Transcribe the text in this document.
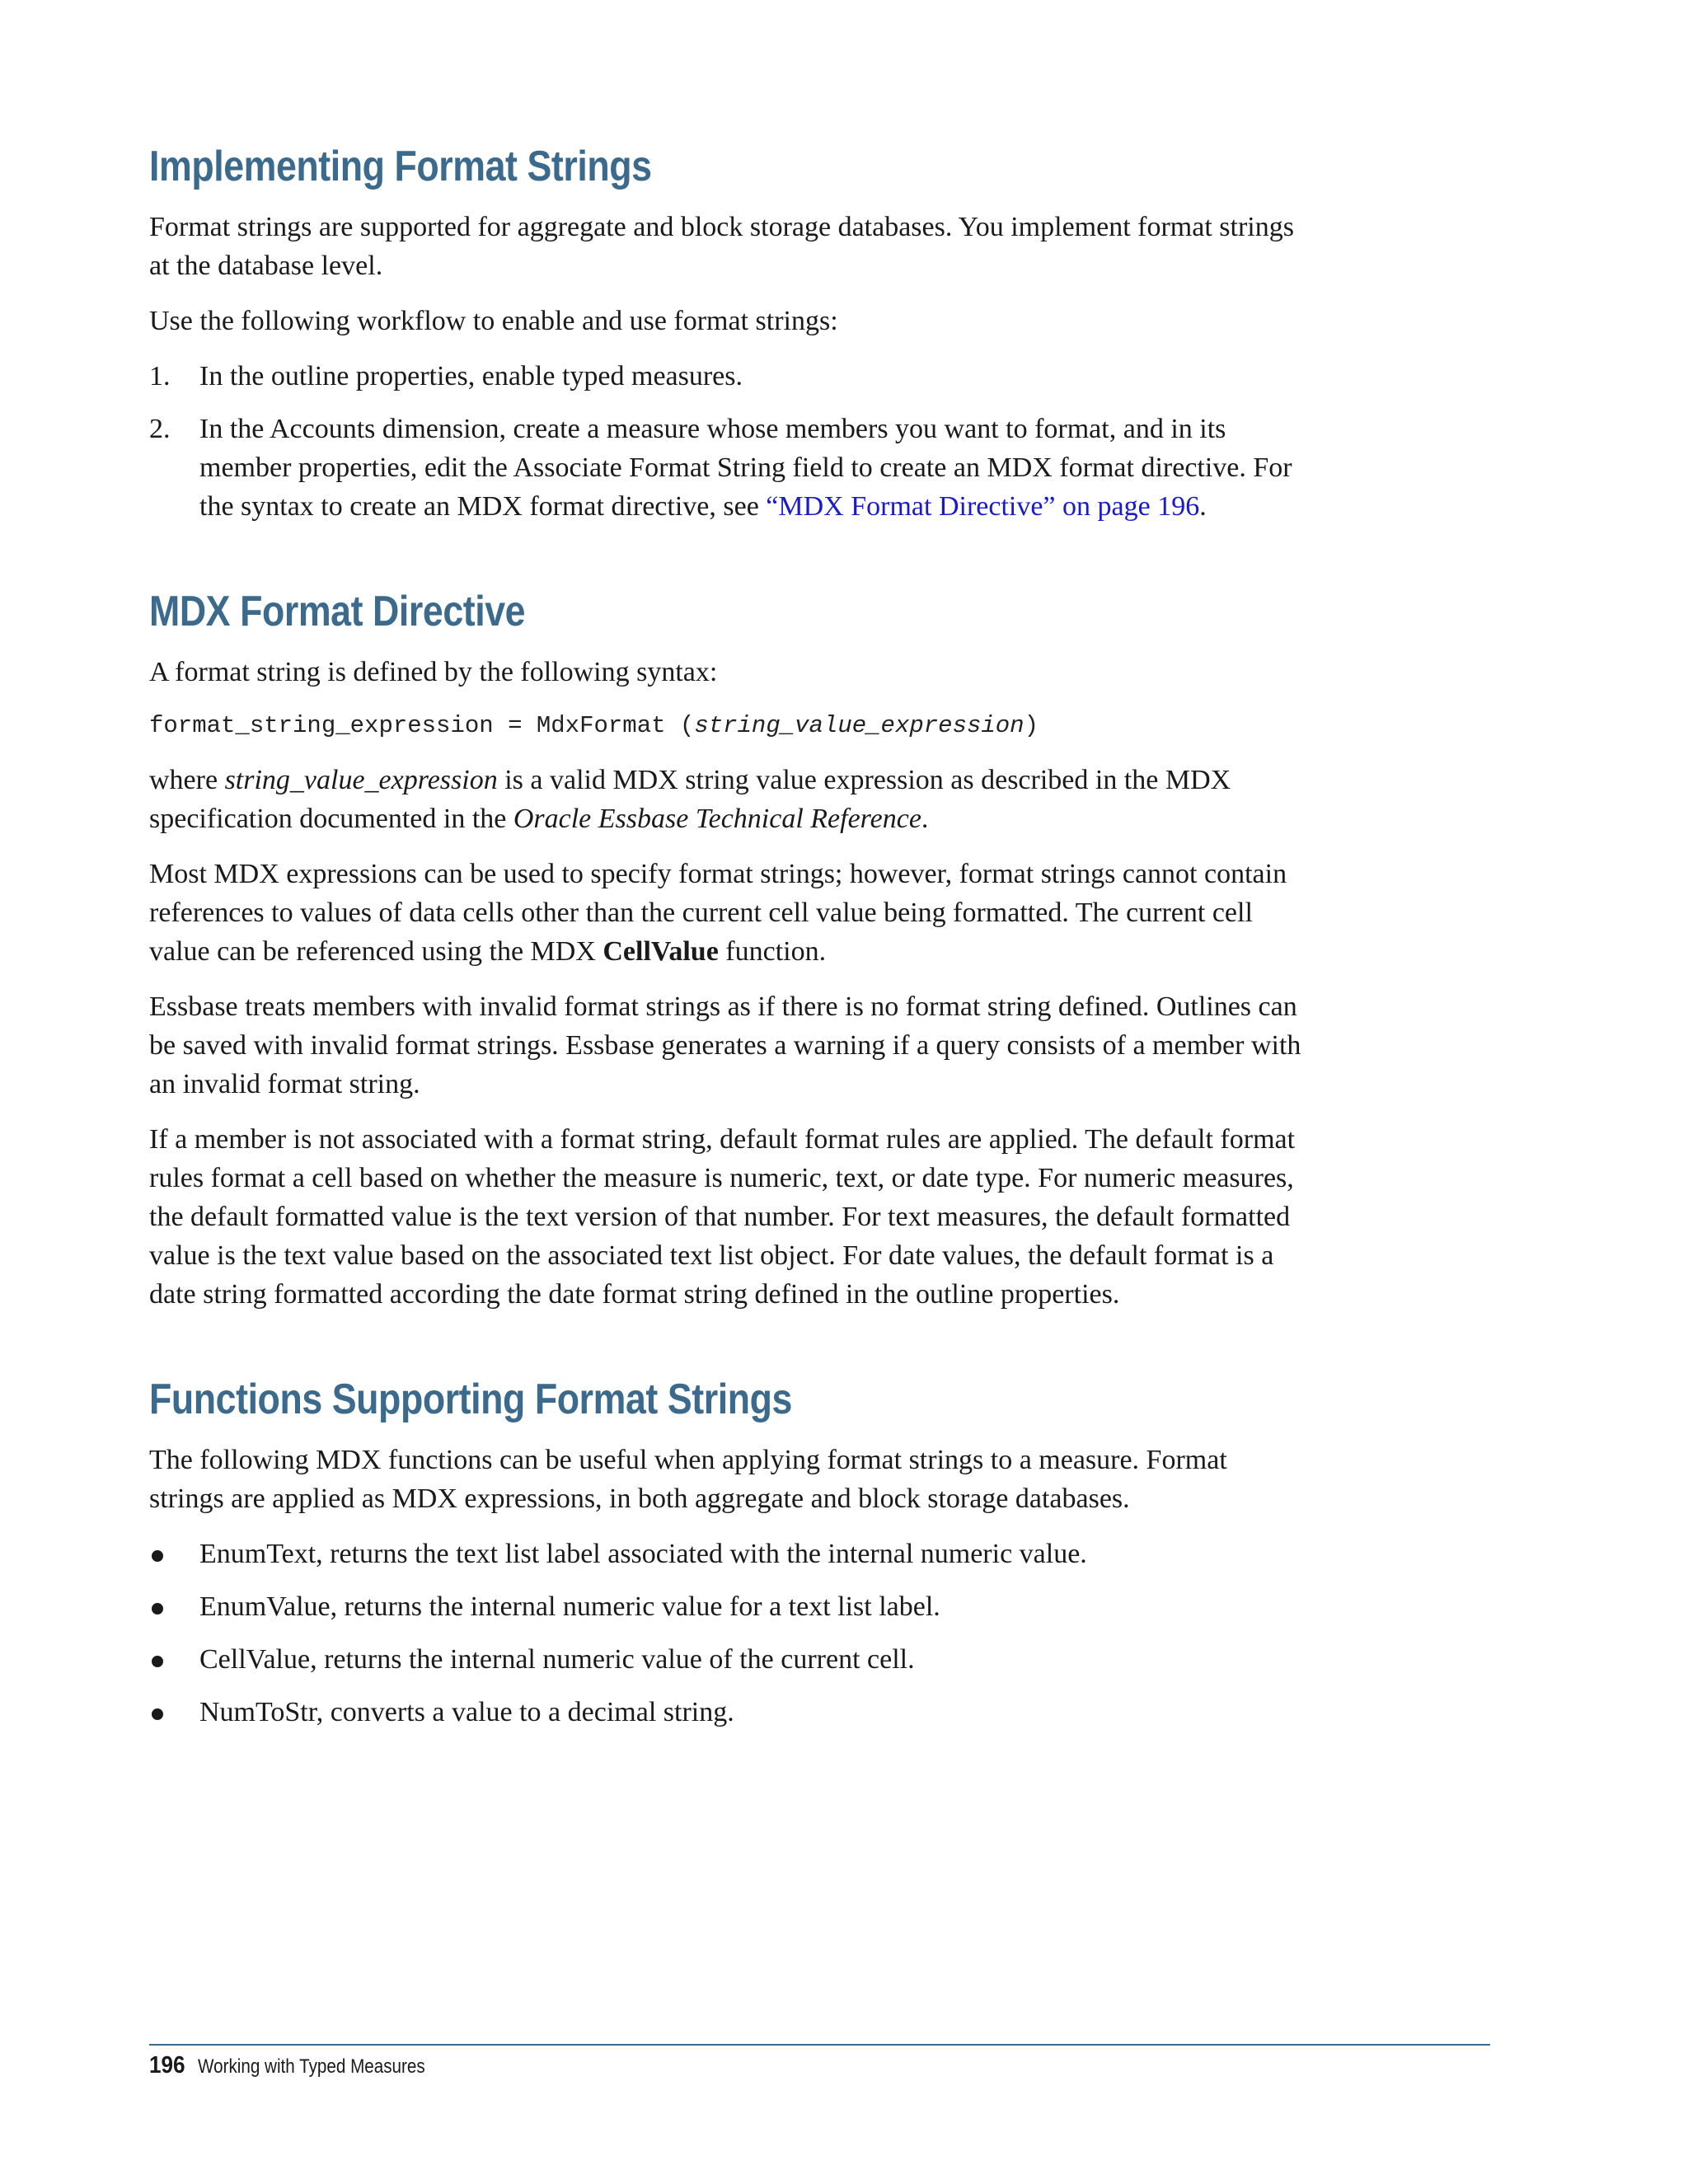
Implementing Format Strings

Format strings are supported for aggregate and block storage databases. You implement format strings at the database level.

Use the following workflow to enable and use format strings:

1. In the outline properties, enable typed measures.
2. In the Accounts dimension, create a measure whose members you want to format, and in its member properties, edit the Associate Format String field to create an MDX format directive. For the syntax to create an MDX format directive, see “MDX Format Directive” on page 196.
MDX Format Directive

A format string is defined by the following syntax:

format_string_expression = MdxFormat (string_value_expression)

where string_value_expression is a valid MDX string value expression as described in the MDX specification documented in the Oracle Essbase Technical Reference.

Most MDX expressions can be used to specify format strings; however, format strings cannot contain references to values of data cells other than the current cell value being formatted. The current cell value can be referenced using the MDX CellValue function.

Essbase treats members with invalid format strings as if there is no format string defined. Outlines can be saved with invalid format strings. Essbase generates a warning if a query consists of a member with an invalid format string.

If a member is not associated with a format string, default format rules are applied. The default format rules format a cell based on whether the measure is numeric, text, or date type. For numeric measures, the default formatted value is the text version of that number. For text measures, the default formatted value is the text value based on the associated text list object. For date values, the default format is a date string formatted according the date format string defined in the outline properties.

Functions Supporting Format Strings

The following MDX functions can be useful when applying format strings to a measure. Format strings are applied as MDX expressions, in both aggregate and block storage databases.

EnumText, returns the text list label associated with the internal numeric value.
EnumValue, returns the internal numeric value for a text list label.
CellValue, returns the internal numeric value of the current cell.
NumToStr, converts a value to a decimal string.
196 Working with Typed Measures
